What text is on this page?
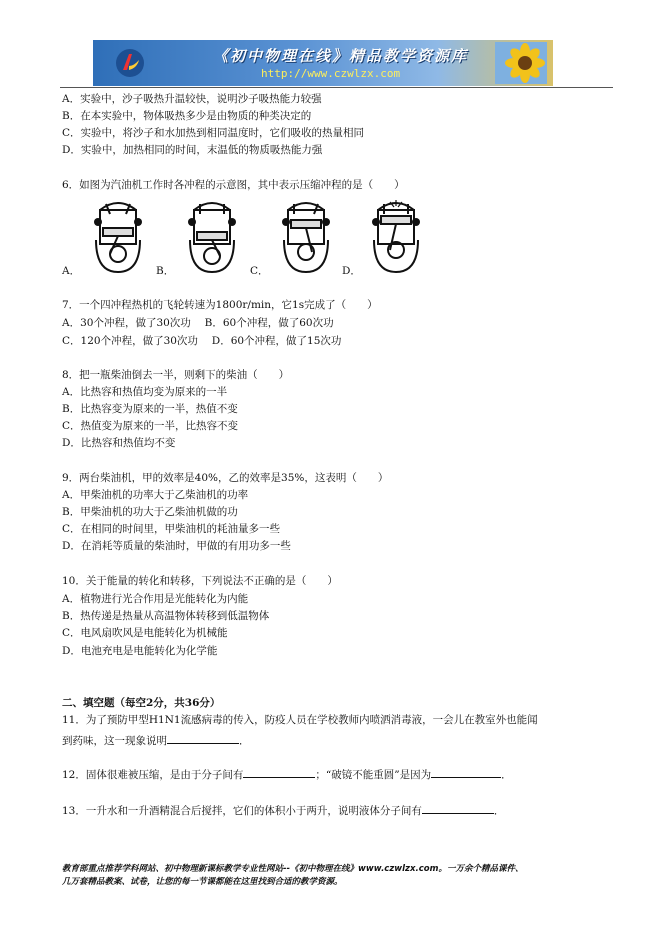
《初中物理在线》精品教学资源库
http://www.czwlzx.com
A．实验中，沙子吸热升温较快，说明沙子吸热能力较强
B．在本实验中，物体吸热多少是由物质的种类决定的
C．实验中，将沙子和水加热到相同温度时，它们吸收的热量相同
D．实验中，加热相同的时间，末温低的物质吸热能力强
6．如图为汽油机工作时各冲程的示意图，其中表示压缩冲程的是（　　）
A．	B．	C．	D．
7．一个四冲程热机的飞轮转速为1800r/min，它1s完成了（　　）
A．30个冲程，做了30次功　 B．60个冲程，做了60次功
C．120个冲程，做了30次功　 D．60个冲程，做了15次功
8．把一瓶柴油倒去一半，则剩下的柴油（　　）
A．比热容和热值均变为原来的一半
B．比热容变为原来的一半，热值不变
C．热值变为原来的一半，比热容不变
D．比热容和热值均不变
9．两台柴油机，甲的效率是40%，乙的效率是35%，这表明（　　）
A．甲柴油机的功率大于乙柴油机的功率
B．甲柴油机的功大于乙柴油机做的功
C．在相同的时间里，甲柴油机的耗油量多一些
D．在消耗等质量的柴油时，甲做的有用功多一些
10．关于能量的转化和转移，下列说法不正确的是（　　）
A．植物进行光合作用是光能转化为内能
B．热传递是热量从高温物体转移到低温物体
C．电风扇吹风是电能转化为机械能
D．电池充电是电能转化为化学能
二、填空题（每空2分，共36分）
11．为了预防甲型H1N1流感病毒的传入，防疫人员在学校教师内喷洒消毒液，一会儿在教室外也能闻
到药味，这一现象说明	．
12．固体很难被压缩，是由于分子间有	；“破镜不能重圆”是因为	．
13．一升水和一升酒精混合后搅拌，它们的体积小于两升，说明液体分子间有	．
教育部重点推荐学科网站、初中物理新课标教学专业性网站--《初中物理在线》www.czwlzx.com。一万余个精品课件、
几万套精品教案、试卷，让您的每一节课都能在这里找到合适的教学资源。
